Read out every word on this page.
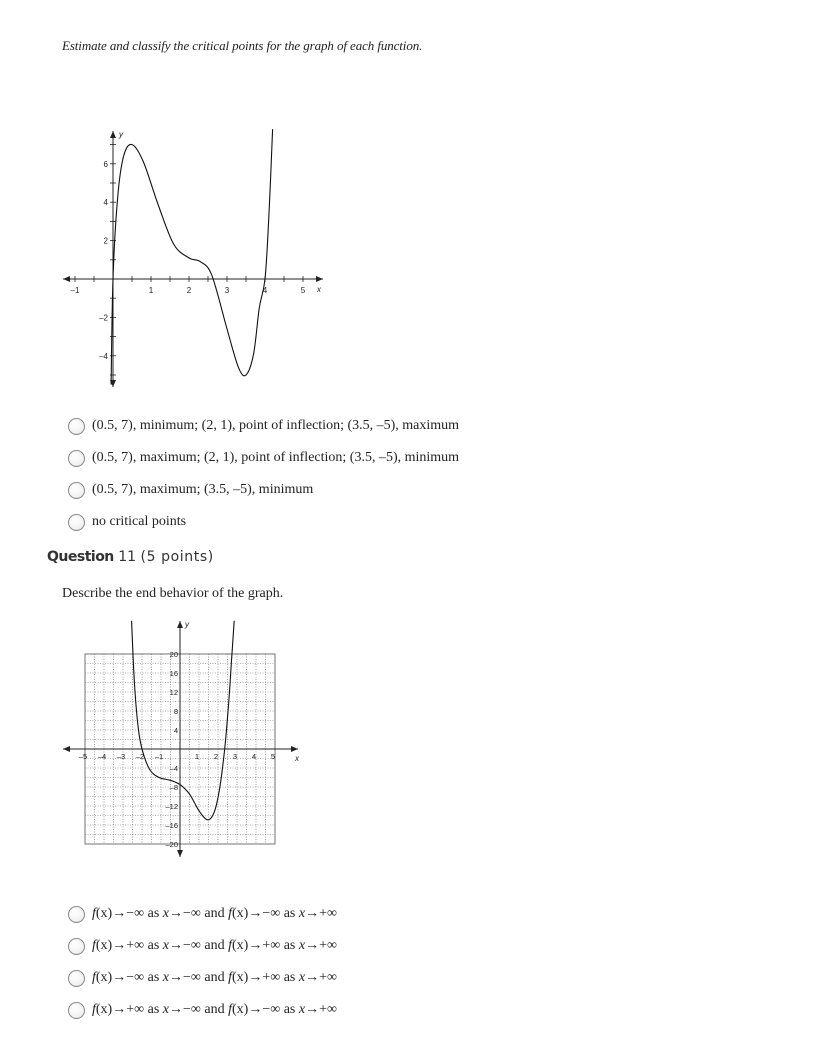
Estimate and classify the critical points for the graph of each function.

–1	1	2	3	4	5
–4
–2
2
4
6
y
x
(0.5, 7), minimum; (2, 1), point of inflection; (3.5, –5), maximum
(0.5, 7), maximum; (2, 1), point of inflection; (3.5, –5), minimum
(0.5, 7), maximum; (3.5, –5), minimum
no critical points
Question 11 (5 points)

Describe the end behavior of the graph.

–5 –4 –3 –2 –1	1 2 3 4 5
20
16
12
8
4
–4
–8
–12
–16
–20
y
x
f(x)→−∞ as x→−∞ and f(x)→−∞ as x→+∞
f(x)→+∞ as x→−∞ and f(x)→+∞ as x→+∞
f(x)→−∞ as x→−∞ and f(x)→+∞ as x→+∞
f(x)→+∞ as x→−∞ and f(x)→−∞ as x→+∞
